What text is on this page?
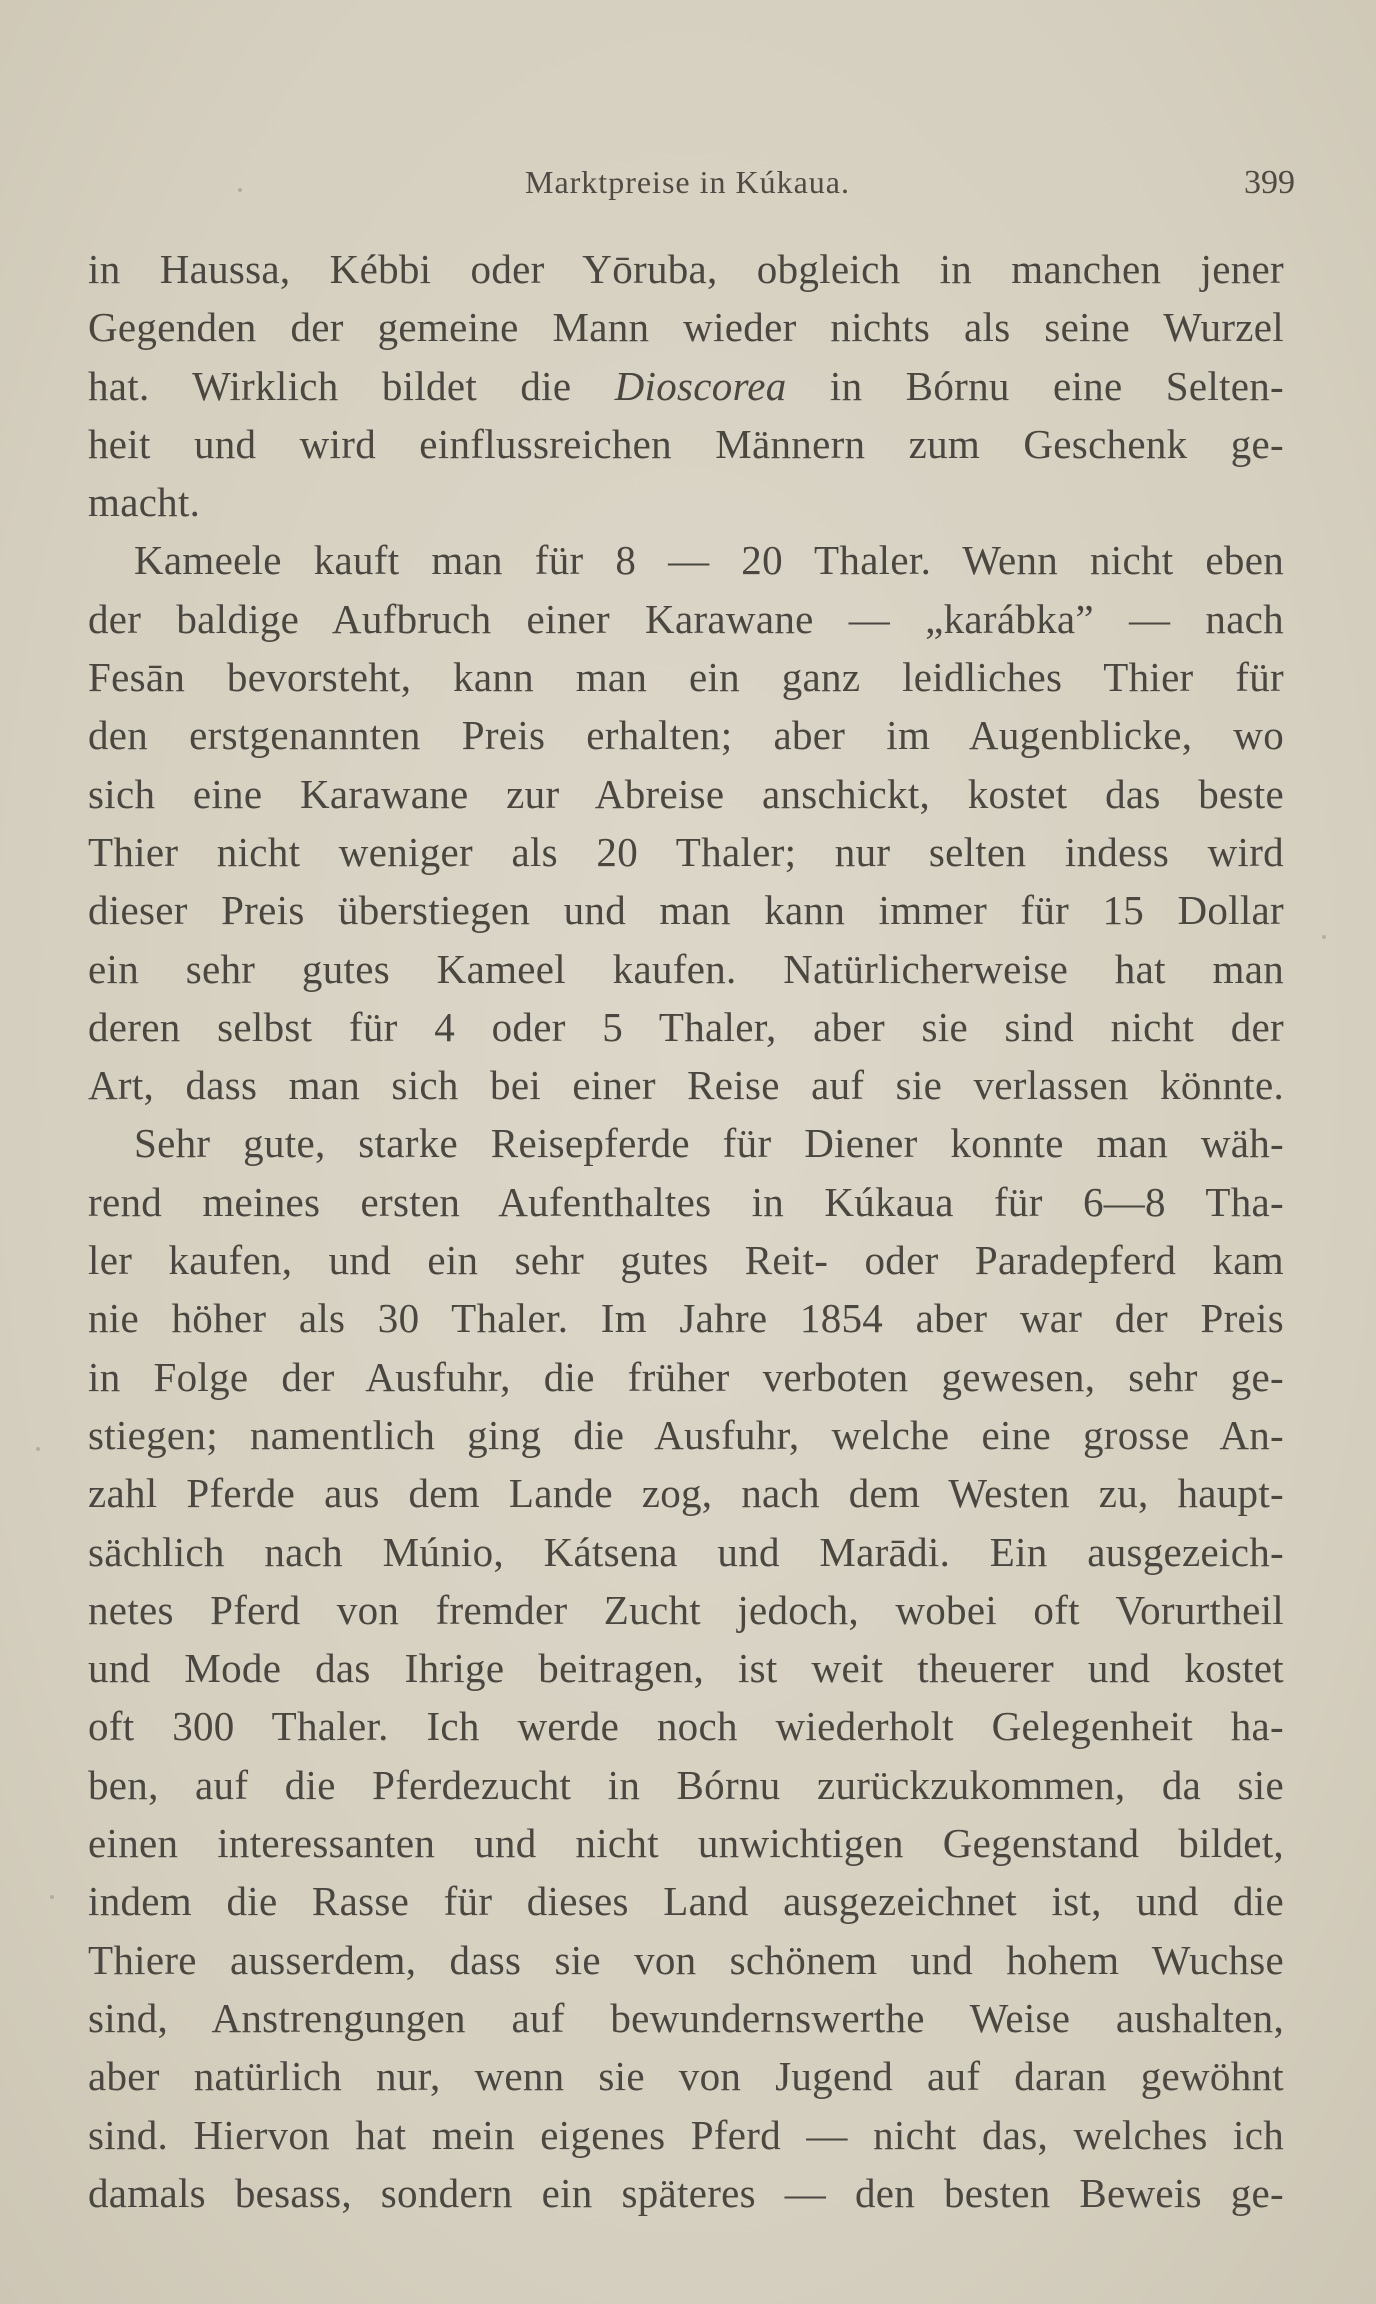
Marktpreise in Kúkaua.	399
in Haussa, Kébbi oder Yōruba, obgleich in manchen jener
Gegenden der gemeine Mann wieder nichts als seine Wurzel
hat. Wirklich bildet die Dioscorea in Bórnu eine Selten-
heit und wird einflussreichen Männern zum Geschenk ge-
macht.
Kameele kauft man für 8 — 20 Thaler. Wenn nicht eben
der baldige Aufbruch einer Karawane — „karábka” — nach
Fesān bevorsteht, kann man ein ganz leidliches Thier für
den erstgenannten Preis erhalten; aber im Augenblicke, wo
sich eine Karawane zur Abreise anschickt, kostet das beste
Thier nicht weniger als 20 Thaler; nur selten indess wird
dieser Preis überstiegen und man kann immer für 15 Dollar
ein sehr gutes Kameel kaufen. Natürlicherweise hat man
deren selbst für 4 oder 5 Thaler, aber sie sind nicht der
Art, dass man sich bei einer Reise auf sie verlassen könnte.
Sehr gute, starke Reisepferde für Diener konnte man wäh-
rend meines ersten Aufenthaltes in Kúkaua für 6—8 Tha-
ler kaufen, und ein sehr gutes Reit- oder Paradepferd kam
nie höher als 30 Thaler. Im Jahre 1854 aber war der Preis
in Folge der Ausfuhr, die früher verboten gewesen, sehr ge-
stiegen; namentlich ging die Ausfuhr, welche eine grosse An-
zahl Pferde aus dem Lande zog, nach dem Westen zu, haupt-
sächlich nach Múnio, Kátsena und Marādi. Ein ausgezeich-
netes Pferd von fremder Zucht jedoch, wobei oft Vorurtheil
und Mode das Ihrige beitragen, ist weit theuerer und kostet
oft 300 Thaler. Ich werde noch wiederholt Gelegenheit ha-
ben, auf die Pferdezucht in Bórnu zurückzukommen, da sie
einen interessanten und nicht unwichtigen Gegenstand bildet,
indem die Rasse für dieses Land ausgezeichnet ist, und die
Thiere ausserdem, dass sie von schönem und hohem Wuchse
sind, Anstrengungen auf bewundernswerthe Weise aushalten,
aber natürlich nur, wenn sie von Jugend auf daran gewöhnt
sind. Hiervon hat mein eigenes Pferd — nicht das, welches ich
damals besass, sondern ein späteres — den besten Beweis ge-
